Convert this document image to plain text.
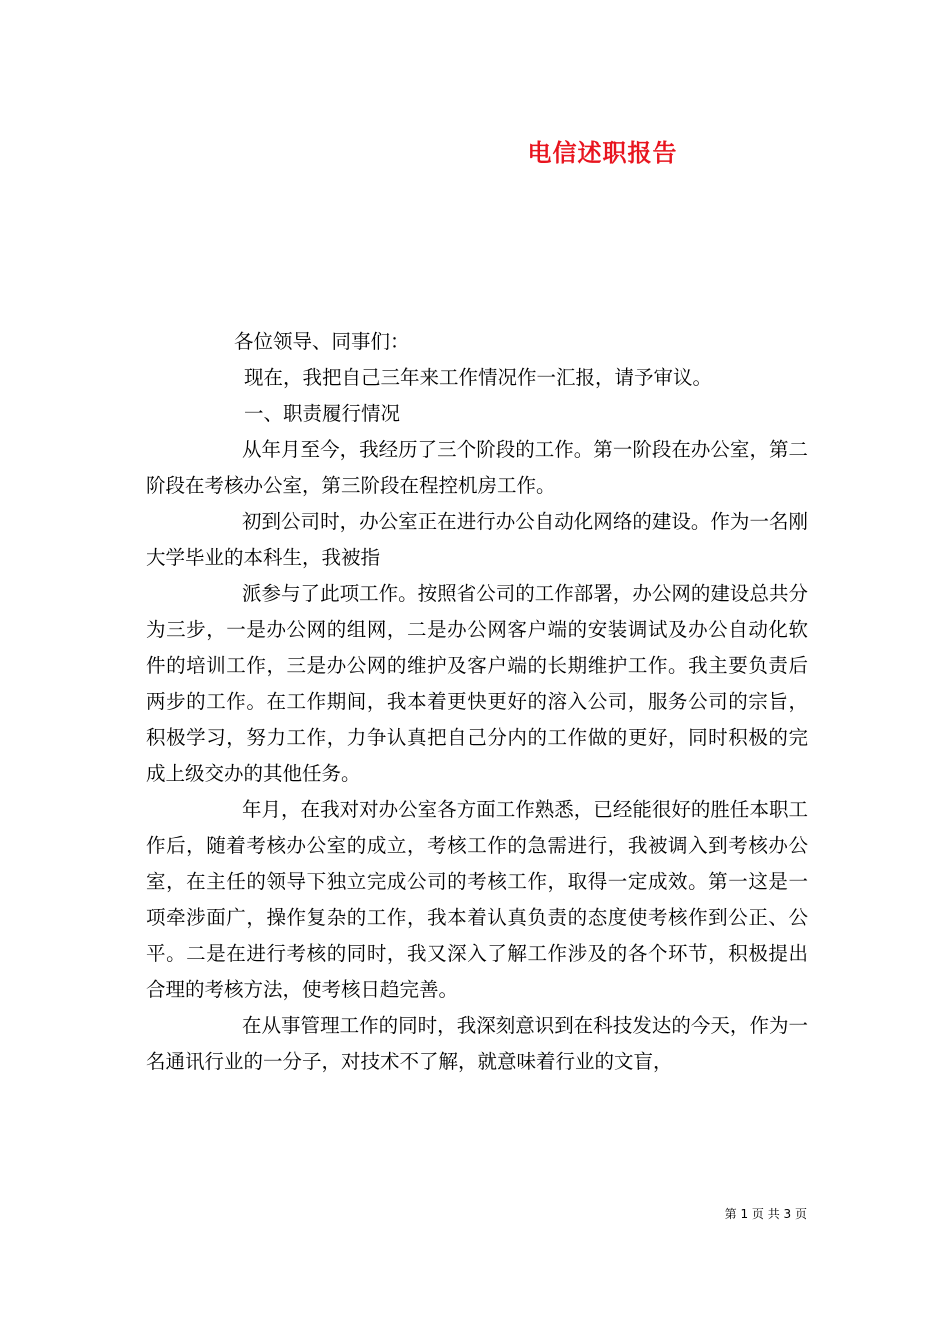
电信述职报告

各位领导、同事们：

现在，我把自己三年来工作情况作一汇报，请予审议。

一、职责履行情况

从年月至今，我经历了三个阶段的工作。第一阶段在办公室，第二阶段在考核办公室，第三阶段在程控机房工作。

初到公司时，办公室正在进行办公自动化网络的建设。作为一名刚大学毕业的本科生，我被指

派参与了此项工作。按照省公司的工作部署，办公网的建设总共分为三步，一是办公网的组网，二是办公网客户端的安装调试及办公自动化软件的培训工作，三是办公网的维护及客户端的长期维护工作。我主要负责后两步的工作。在工作期间，我本着更快更好的溶入公司，服务公司的宗旨，积极学习，努力工作，力争认真把自己分内的工作做的更好，同时积极的完成上级交办的其他任务。

年月，在我对对办公室各方面工作熟悉，已经能很好的胜任本职工作后，随着考核办公室的成立，考核工作的急需进行，我被调入到考核办公室，在主任的领导下独立完成公司的考核工作，取得一定成效。第一这是一项牵涉面广，操作复杂的工作，我本着认真负责的态度使考核作到公正、公平。二是在进行考核的同时，我又深入了解工作涉及的各个环节，积极提出合理的考核方法，使考核日趋完善。

在从事管理工作的同时，我深刻意识到在科技发达的今天，作为一名通讯行业的一分子，对技术不了解，就意味着行业的文盲，

第 1 页 共 3 页
